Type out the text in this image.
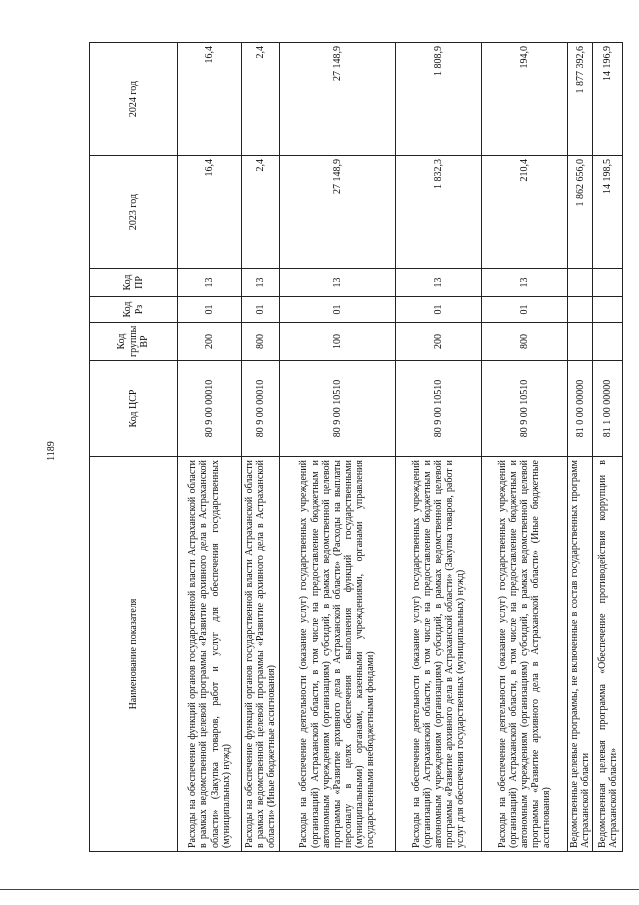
1189
Наименование показателя	Код ЦСР	Код группы ВР	Код Рз	Код ПР	2023 год	2024 год
Расходы на обеспечение функций органов государственной власти Астраханской области в рамках ведомственной целевой программы «Развитие архивного дела в Астраханской области» (Закупка товаров, работ и услуг для обеспечения государственных (муниципальных) нужд)	80 9 00 00010	200	01	13	16,4	16,4
Расходы на обеспечение функций органов государственной власти Астраханской области в рамках ведомственной целевой программы «Развитие архивного дела в Астраханской области» (Иные бюджетные ассигнования)	80 9 00 00010	800	01	13	2,4	2,4
Расходы на обеспечение деятельности (оказание услуг) государственных учреждений (организаций) Астраханской области, в том числе на предоставление бюджетным и автономным учреждениям (организациям) субсидий, в рамках ведомственной целевой программы «Развитие архивного дела в Астраханской области» (Расходы на выплаты персоналу в целях обеспечения выполнения функций государственными (муниципальными) органами, казенными учреждениями, органами управления государственными внебюджетными фондами)	80 9 00 10510	100	01	13	27 148,9	27 148,9
Расходы на обеспечение деятельности (оказание услуг) государственных учреждений (организаций) Астраханской области, в том числе на предоставление бюджетным и автономным учреждениям (организациям) субсидий, в рамках ведомственной целевой программы «Развитие архивного дела в Астраханской области» (Закупка товаров, работ и услуг для обеспечения государственных (муниципальных) нужд)	80 9 00 10510	200	01	13	1 832,3	1 808,9
Расходы на обеспечение деятельности (оказание услуг) государственных учреждений (организаций) Астраханской области, в том числе на предоставление бюджетным и автономным учреждениям (организациям) субсидий, в рамках ведомственной целевой программы «Развитие архивного дела в Астраханской области» (Иные бюджетные ассигнования)	80 9 00 10510	800	01	13	210,4	194,0
Ведомственные целевые программы, не включенные в состав государственных программ Астраханской области	81 0 00 00000				1 862 656,0	1 877 392,6
Ведомственная целевая программа «Обеспечение противодействия коррупции в Астраханской области»	81 1 00 00000				14 198,5	14 196,9
